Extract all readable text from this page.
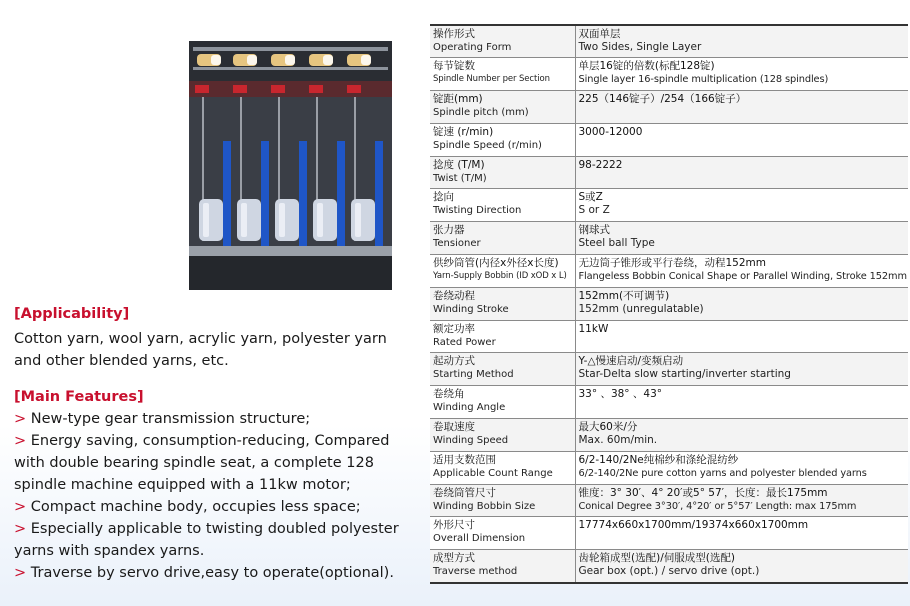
[Applicability]

Cotton yarn, wool yarn, acrylic yarn, polyester yarn and other blended yarns, etc.

[Main Features]

> New-type gear transmission structure;

> Energy saving, consumption-reducing, Compared with double bearing spindle seat, a complete 128 spindle machine equipped with a 11kw motor;

> Compact machine body, occupies less space;

> Especially applicable to twisting doubled polyester yarns with spandex yarns.

> Traverse by servo drive,easy to operate(optional).

操作形式
Operating Form	双面单层
Two Sides, Single Layer

每节锭数
Spindle Number per Section	单层16锭的倍数(标配128锭)
Single layer 16-spindle multiplication (128 spindles)

锭距(mm)
Spindle pitch (mm)	225（146锭子）/254（166锭子）

锭速 (r/min)
Spindle Speed (r/min)	3000-12000

捻度 (T/M)
Twist (T/M)	98-2222

捻向
Twisting Direction	S或Z
S or Z

张力器
Tensioner	钢球式
Steel ball Type

供纱筒管(内径x外径x长度)
Yarn-Supply Bobbin (ID xOD x L)	无边筒子锥形或平行卷绕，动程152mm
Flangeless Bobbin Conical Shape or Parallel Winding, Stroke 152mm

卷绕动程
Winding Stroke	152mm(不可调节)
152mm (unregulatable)

额定功率
Rated Power	11kW

起动方式
Starting Method	Y-△慢速启动/变频启动
Star-Delta slow starting/inverter starting

卷绕角
Winding Angle	33° 、38° 、43°

卷取速度
Winding Speed	最大60米/分
Max. 60m/min.

适用支数范围
Applicable Count Range	6/2-140/2Ne纯棉纱和涤纶混纺纱
6/2-140/2Ne pure cotton yarns and polyester blended yarns

卷绕筒管尺寸
Winding Bobbin Size	锥度：3° 30′、4° 20′或5° 57′，长度：最长175mm
Conical Degree 3°30′, 4°20′ or 5°57′ Length: max 175mm

外形尺寸
Overall Dimension	17774x660x1700mm/19374x660x1700mm

成型方式
Traverse method	齿轮箱成型(选配)/伺服成型(选配)
Gear box (opt.) / servo drive (opt.)
